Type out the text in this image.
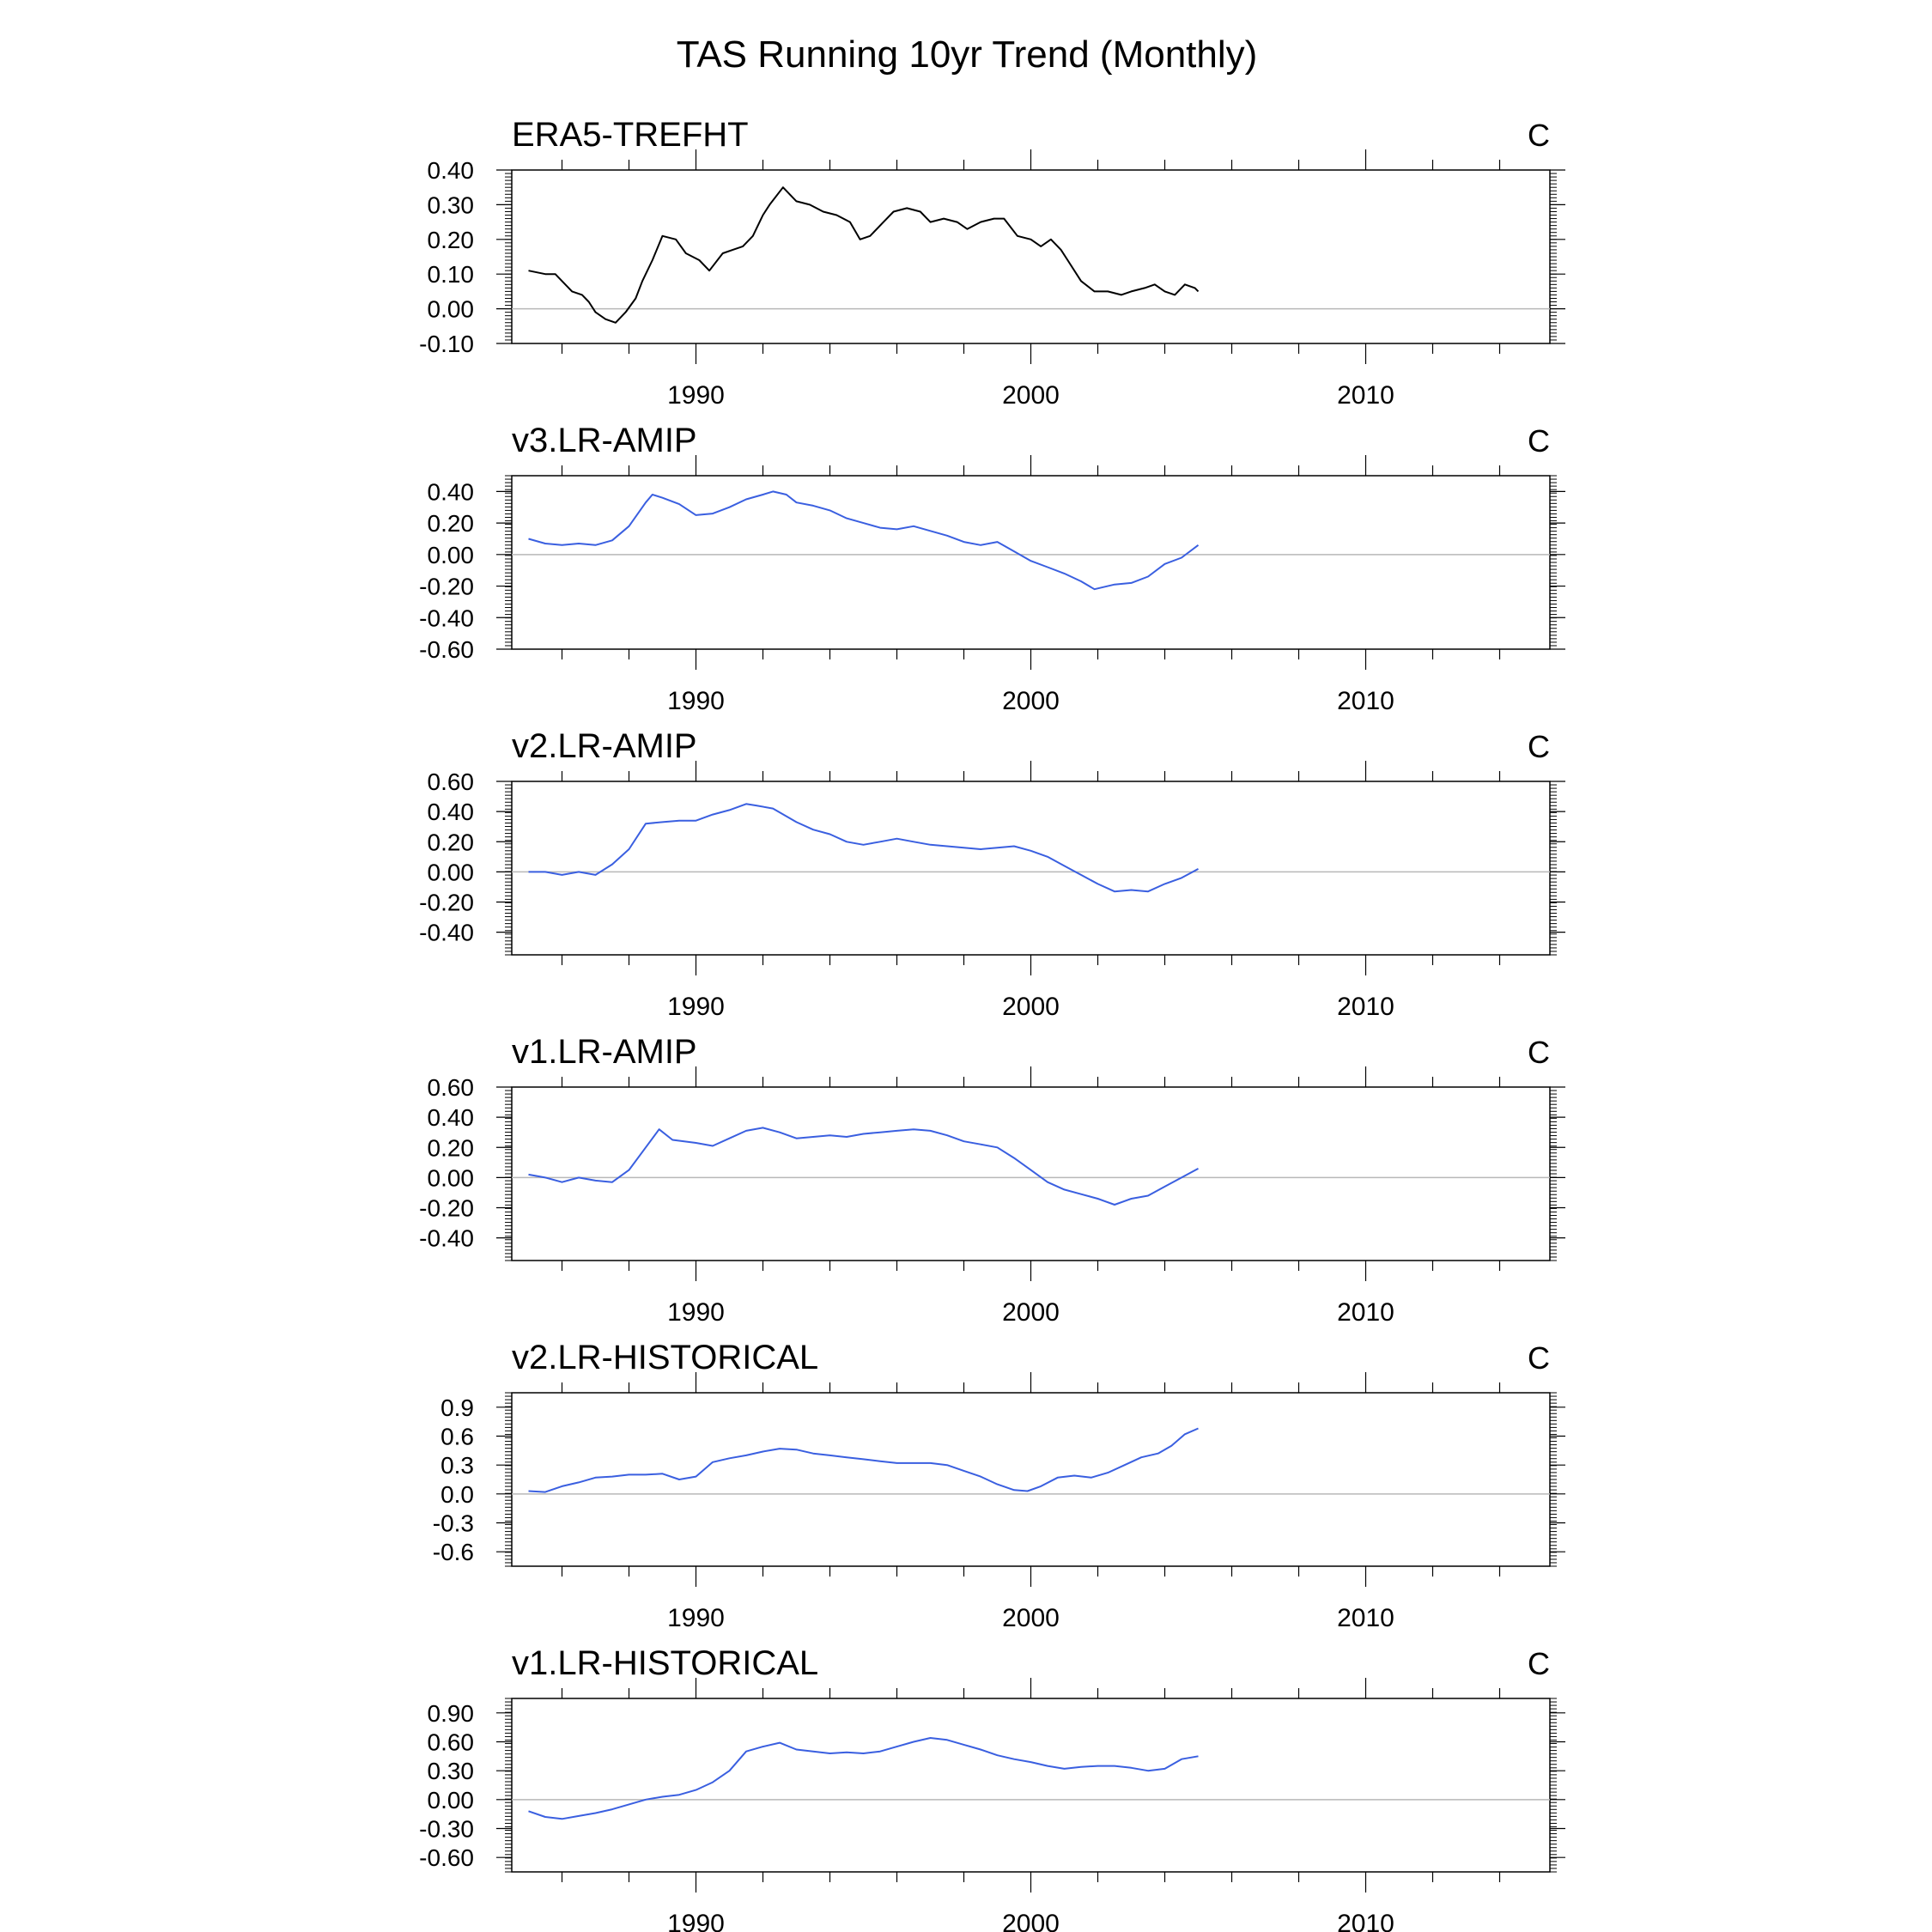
TAS Running 10yr Trend (Monthly)
ERA5-TREFHT	C
0.40
0.30
0.20
0.10
0.00
-0.10
1990	2000	2010
v3.LR-AMIP	C
0.40
0.20
0.00
-0.20
-0.40
-0.60
1990	2000	2010
v2.LR-AMIP	C
0.60
0.40
0.20
0.00
-0.20
-0.40
1990	2000	2010
v1.LR-AMIP	C
0.60
0.40
0.20
0.00
-0.20
-0.40
1990	2000	2010
v2.LR-HISTORICAL	C
0.9
0.6
0.3
0.0
-0.3
-0.6
1990	2000	2010
v1.LR-HISTORICAL	C
0.90
0.60
0.30
0.00
-0.30
-0.60
1990	2000	2010
